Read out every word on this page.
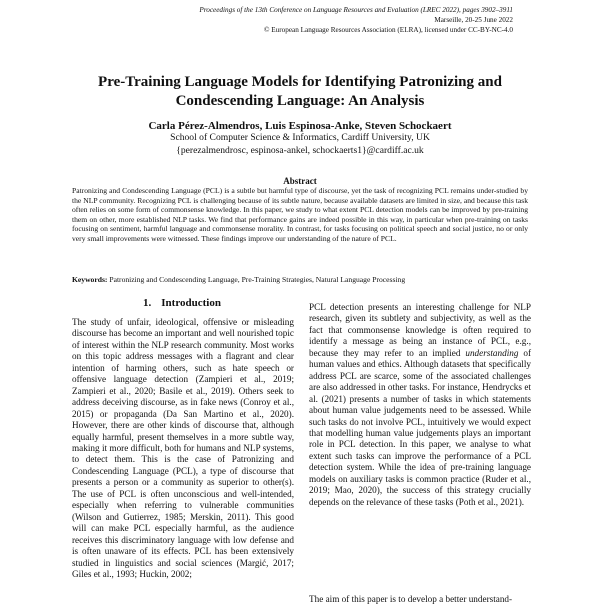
Proceedings of the 13th Conference on Language Resources and Evaluation (LREC 2022), pages 3902–3911
Marseille, 20-25 June 2022
© European Language Resources Association (ELRA), licensed under CC-BY-NC-4.0
Pre-Training Language Models for Identifying Patronizing and Condescending Language: An Analysis
Carla Pérez-Almendros, Luis Espinosa-Anke, Steven Schockaert
School of Computer Science & Informatics, Cardiff University, UK
{perezalmendrosc, espinosa-ankel, schockaerts1}@cardiff.ac.uk
Abstract
Patronizing and Condescending Language (PCL) is a subtle but harmful type of discourse, yet the task of recognizing PCL remains under-studied by the NLP community. Recognizing PCL is challenging because of its subtle nature, because available datasets are limited in size, and because this task often relies on some form of commonsense knowledge. In this paper, we study to what extent PCL detection models can be improved by pre-training them on other, more established NLP tasks. We find that performance gains are indeed possible in this way, in particular when pre-training on tasks focusing on sentiment, harmful language and commonsense morality. In contrast, for tasks focusing on political speech and social justice, no or only very small improvements were witnessed. These findings improve our understanding of the nature of PCL.
Keywords: Patronizing and Condescending Language, Pre-Training Strategies, Natural Language Processing
1. Introduction
The study of unfair, ideological, offensive or misleading discourse has become an important and well nourished topic of interest within the NLP research community. Most works on this topic address messages with a flagrant and clear intention of harming others, such as hate speech or offensive language detection (Zampieri et al., 2019; Zampieri et al., 2020; Basile et al., 2019). Others seek to address deceiving discourse, as in fake news (Conroy et al., 2015) or propaganda (Da San Martino et al., 2020). However, there are other kinds of discourse that, although equally harmful, present themselves in a more subtle way, making it more difficult, both for humans and NLP systems, to detect them. This is the case of Patronizing and Condescending Language (PCL), a type of discourse that presents a person or a community as superior to other(s). The use of PCL is often unconscious and well-intended, especially when referring to vulnerable communities (Wilson and Gutierrez, 1985; Merskin, 2011). This good will can make PCL especially harmful, as the audience receives this discriminatory language with low defense and is often unaware of its effects. PCL has been extensively studied in linguistics and social sciences (Margić, 2017; Giles et al., 1993; Huckin, 2002;
PCL detection presents an interesting challenge for NLP research, given its subtlety and subjectivity, as well as the fact that commonsense knowledge is often required to identify a message as being an instance of PCL, e.g., because they may refer to an implied understanding of human values and ethics. Although datasets that specifically address PCL are scarce, some of the associated challenges are also addressed in other tasks. For instance, Hendrycks et al. (2021) presents a number of tasks in which statements about human value judgements need to be assessed. While such tasks do not involve PCL, intuitively we would expect that modelling human value judgements plays an important role in PCL detection. In this paper, we analyse to what extent such tasks can improve the performance of a PCL detection system. While the idea of pre-training language models on auxiliary tasks is common practice (Ruder et al., 2019; Mao, 2020), the success of this strategy crucially depends on the relevance of these tasks (Poth et al., 2021).
The aim of this paper is to develop a better understand-
